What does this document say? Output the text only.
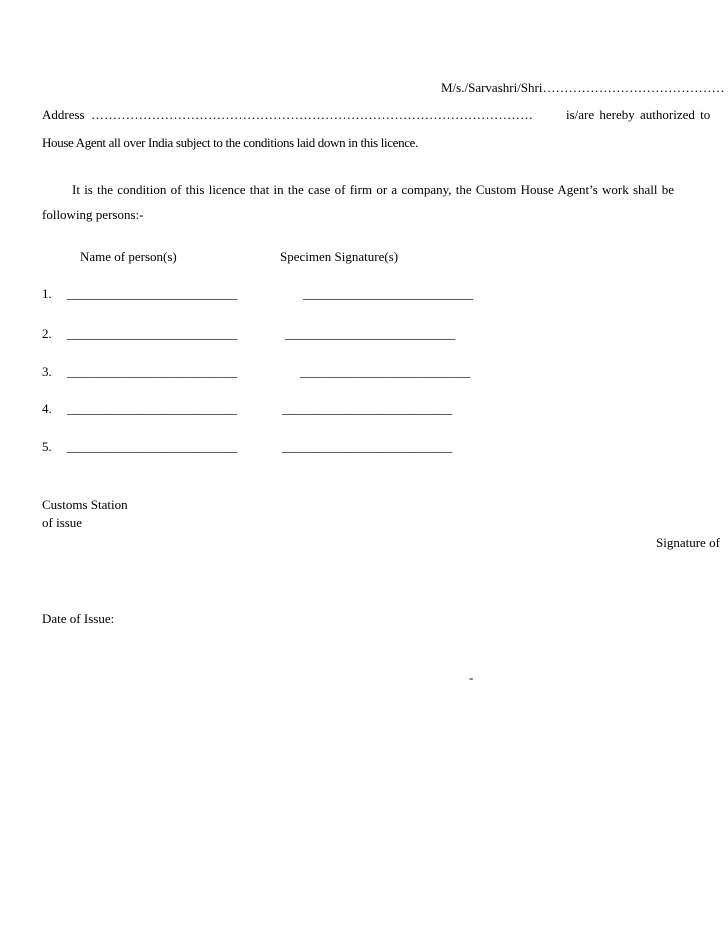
M/s./Sarvashri/Shri……………………………………
Address …………………………………………………………………………………………	is/are hereby authorized to
House Agent all over India subject to the conditions laid down in this licence.
It is the condition of this licence that in the case of firm or a company, the Custom House Agent’s work shall be
following persons:-
Name of person(s)	Specimen Signature(s)
1. ___________________________	___________________________
2. ___________________________	___________________________
3. ___________________________	___________________________
4. ___________________________	___________________________
5. ___________________________	___________________________
Customs Station
of issue
Signature of
Date of Issue:
-
